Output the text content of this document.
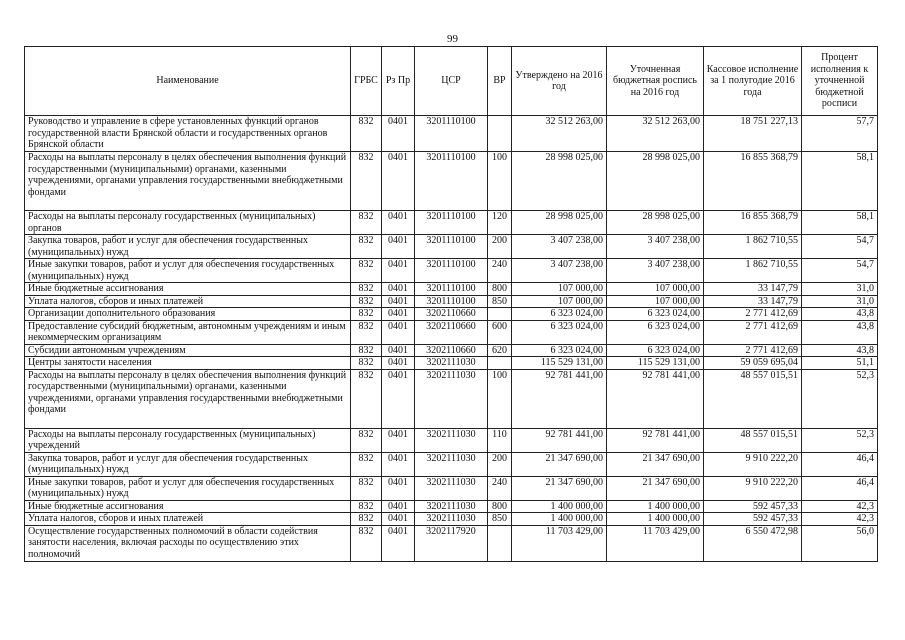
99
Наименование	ГРБС	Рз Пр	ЦСР	ВР	Утверждено на 2016 год	Уточненная бюджетная роспись на 2016 год	Кассовое исполнение за 1 полугодие 2016 года	Процент исполнения к уточненной бюджетной росписи
Руководство и управление в сфере установленных функций органов государственной власти Брянской области и государственных органов Брянской области	832	0401	3201110100		32 512 263,00	32 512 263,00	18 751 227,13	57,7
Расходы на выплаты персоналу в целях обеспечения выполнения функций государственными (муниципальными) органами, казенными учреждениями, органами управления государственными внебюджетными фондами	832	0401	3201110100	100	28 998 025,00	28 998 025,00	16 855 368,79	58,1
Расходы на выплаты персоналу государственных (муниципальных) органов	832	0401	3201110100	120	28 998 025,00	28 998 025,00	16 855 368,79	58,1
Закупка товаров, работ и услуг для обеспечения государственных (муниципальных) нужд	832	0401	3201110100	200	3 407 238,00	3 407 238,00	1 862 710,55	54,7
Иные закупки товаров, работ и услуг для обеспечения государственных (муниципальных) нужд	832	0401	3201110100	240	3 407 238,00	3 407 238,00	1 862 710,55	54,7
Иные бюджетные ассигнования	832	0401	3201110100	800	107 000,00	107 000,00	33 147,79	31,0
Уплата налогов, сборов и иных платежей	832	0401	3201110100	850	107 000,00	107 000,00	33 147,79	31,0
Организации дополнительного образования	832	0401	3202110660		6 323 024,00	6 323 024,00	2 771 412,69	43,8
Предоставление субсидий бюджетным, автономным учреждениям и иным некоммерческим организациям	832	0401	3202110660	600	6 323 024,00	6 323 024,00	2 771 412,69	43,8
Субсидии автономным учреждениям	832	0401	3202110660	620	6 323 024,00	6 323 024,00	2 771 412,69	43,8
Центры занятости населения	832	0401	3202111030		115 529 131,00	115 529 131,00	59 059 695,04	51,1
Расходы на выплаты персоналу в целях обеспечения выполнения функций государственными (муниципальными) органами, казенными учреждениями, органами управления государственными внебюджетными фондами	832	0401	3202111030	100	92 781 441,00	92 781 441,00	48 557 015,51	52,3
Расходы на выплаты персоналу государственных (муниципальных) учреждений	832	0401	3202111030	110	92 781 441,00	92 781 441,00	48 557 015,51	52,3
Закупка товаров, работ и услуг для обеспечения государственных (муниципальных) нужд	832	0401	3202111030	200	21 347 690,00	21 347 690,00	9 910 222,20	46,4
Иные закупки товаров, работ и услуг для обеспечения государственных (муниципальных) нужд	832	0401	3202111030	240	21 347 690,00	21 347 690,00	9 910 222,20	46,4
Иные бюджетные ассигнования	832	0401	3202111030	800	1 400 000,00	1 400 000,00	592 457,33	42,3
Уплата налогов, сборов и иных платежей	832	0401	3202111030	850	1 400 000,00	1 400 000,00	592 457,33	42,3
Осуществление государственных полномочий в области содействия занятости населения, включая расходы по осуществлению этих полномочий	832	0401	3202117920		11 703 429,00	11 703 429,00	6 550 472,98	56,0
